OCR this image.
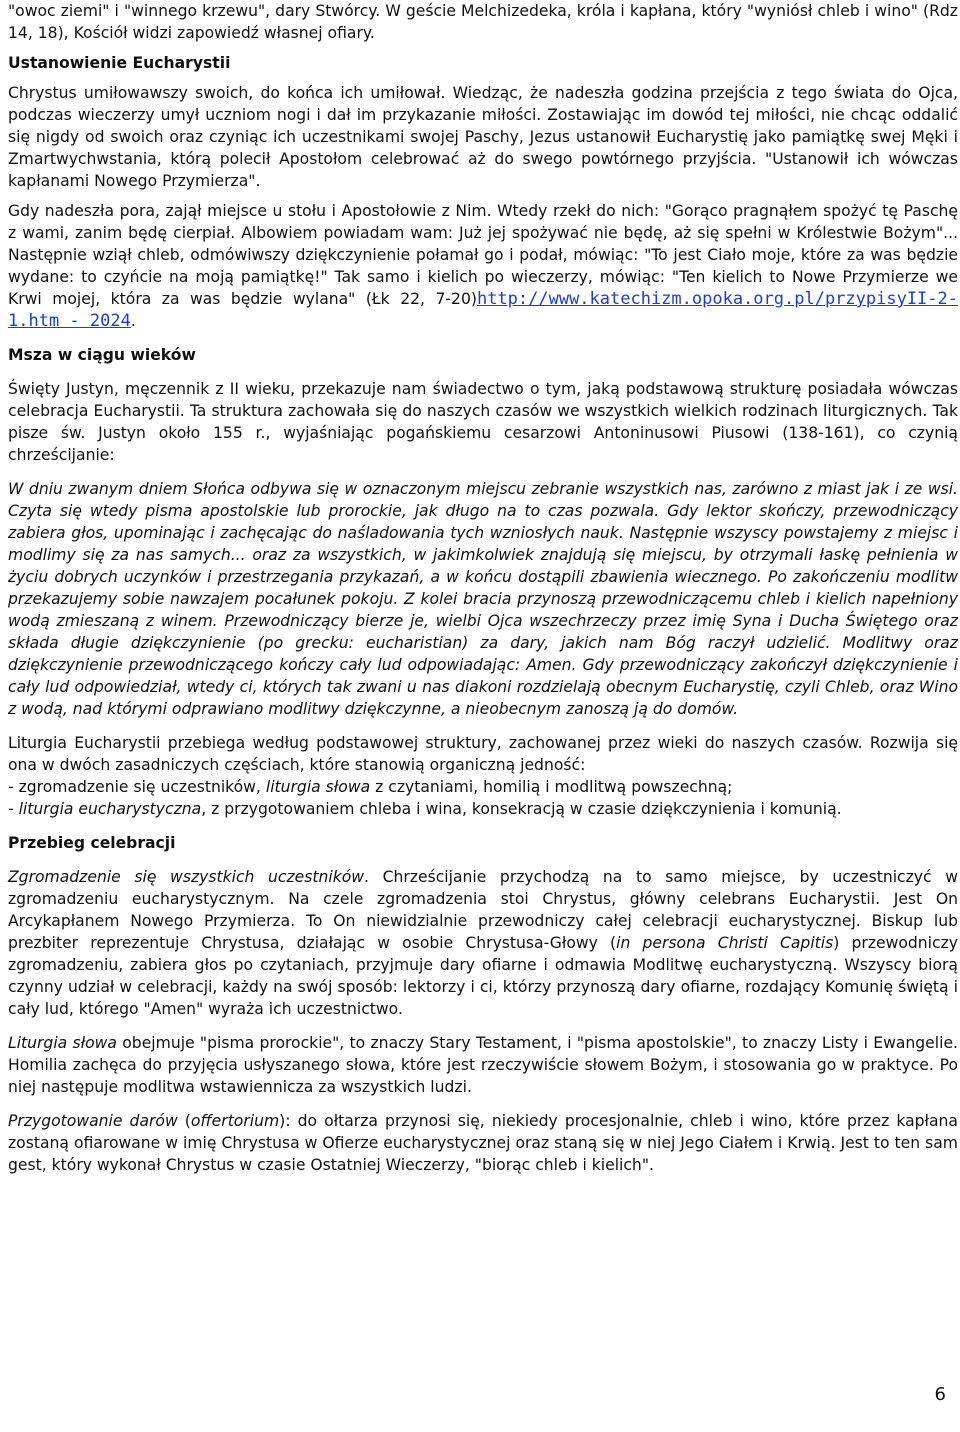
"owoc ziemi" i "winnego krzewu", dary Stwórcy. W geście Melchizedeka, króla i kapłana, który "wyniósł chleb i wino" (Rdz 14, 18), Kościół widzi zapowiedź własnej ofiary.

Ustanowienie Eucharystii

Chrystus umiłowawszy swoich, do końca ich umiłował. Wiedząc, że nadeszła godzina przejścia z tego świata do Ojca, podczas wieczerzy umył uczniom nogi i dał im przykazanie miłości. Zostawiając im dowód tej miłości, nie chcąc oddalić się nigdy od swoich oraz czyniąc ich uczestnikami swojej Paschy, Jezus ustanowił Eucharystię jako pamiątkę swej Męki i Zmartwychwstania, którą polecił Apostołom celebrować aż do swego powtórnego przyjścia. "Ustanowił ich wówczas kapłanami Nowego Przymierza".

Gdy nadeszła pora, zajął miejsce u stołu i Apostołowie z Nim. Wtedy rzekł do nich: "Gorąco pragnąłem spożyć tę Paschę z wami, zanim będę cierpiał. Albowiem powiadam wam: Już jej spożywać nie będę, aż się spełni w Królestwie Bożym"... Następnie wziął chleb, odmówiwszy dziękczynienie połamał go i podał, mówiąc: "To jest Ciało moje, które za was będzie wydane: to czyńcie na moją pamiątkę!" Tak samo i kielich po wieczerzy, mówiąc: "Ten kielich to Nowe Przymierze we Krwi mojej, która za was będzie wylana" (Łk 22, 7-20)http://www.katechizm.opoka.org.pl/przypisyII-2-1.htm - 2024.

Msza w ciągu wieków

Święty Justyn, męczennik z II wieku, przekazuje nam świadectwo o tym, jaką podstawową strukturę posiadała wówczas celebracja Eucharystii. Ta struktura zachowała się do naszych czasów we wszystkich wielkich rodzinach liturgicznych. Tak pisze św. Justyn około 155 r., wyjaśniając pogańskiemu cesarzowi Antoninusowi Piusowi (138-161), co czynią chrześcijanie:

W dniu zwanym dniem Słońca odbywa się w oznaczonym miejscu zebranie wszystkich nas, zarówno z miast jak i ze wsi. Czyta się wtedy pisma apostolskie lub prorockie, jak długo na to czas pozwala. Gdy lektor skończy, przewodniczący zabiera głos, upominając i zachęcając do naśladowania tych wzniosłych nauk. Następnie wszyscy powstajemy z miejsc i modlimy się za nas samych... oraz za wszystkich, w jakimkolwiek znajdują się miejscu, by otrzymali łaskę pełnienia w życiu dobrych uczynków i przestrzegania przykazań, a w końcu dostąpili zbawienia wiecznego. Po zakończeniu modlitw przekazujemy sobie nawzajem pocałunek pokoju. Z kolei bracia przynoszą przewodniczącemu chleb i kielich napełniony wodą zmieszaną z winem. Przewodniczący bierze je, wielbi Ojca wszechrzeczy przez imię Syna i Ducha Świętego oraz składa długie dziękczynienie (po grecku: eucharistian) za dary, jakich nam Bóg raczył udzielić. Modlitwy oraz dziękczynienie przewodniczącego kończy cały lud odpowiadając: Amen. Gdy przewodniczący zakończył dziękczynienie i cały lud odpowiedział, wtedy ci, których tak zwani u nas diakoni rozdzielają obecnym Eucharystię, czyli Chleb, oraz Wino z wodą, nad którymi odprawiano modlitwy dziękczynne, a nieobecnym zanoszą ją do domów.

Liturgia Eucharystii przebiega według podstawowej struktury, zachowanej przez wieki do naszych czasów. Rozwija się ona w dwóch zasadniczych częściach, które stanowią organiczną jedność:
- zgromadzenie się uczestników, liturgia słowa z czytaniami, homilią i modlitwą powszechną;
- liturgia eucharystyczna, z przygotowaniem chleba i wina, konsekracją w czasie dziękczynienia i komunią.

Przebieg celebracji

Zgromadzenie się wszystkich uczestników. Chrześcijanie przychodzą na to samo miejsce, by uczestniczyć w zgromadzeniu eucharystycznym. Na czele zgromadzenia stoi Chrystus, główny celebrans Eucharystii. Jest On Arcykapłanem Nowego Przymierza. To On niewidzialnie przewodniczy całej celebracji eucharystycznej. Biskup lub prezbiter reprezentuje Chrystusa, działając w osobie Chrystusa-Głowy (in persona Christi Capitis) przewodniczy zgromadzeniu, zabiera głos po czytaniach, przyjmuje dary ofiarne i odmawia Modlitwę eucharystyczną. Wszyscy biorą czynny udział w celebracji, każdy na swój sposób: lektorzy i ci, którzy przynoszą dary ofiarne, rozdający Komunię świętą i cały lud, którego "Amen" wyraża ich uczestnictwo.

Liturgia słowa obejmuje "pisma prorockie", to znaczy Stary Testament, i "pisma apostolskie", to znaczy Listy i Ewangelie. Homilia zachęca do przyjęcia usłyszanego słowa, które jest rzeczywiście słowem Bożym, i stosowania go w praktyce. Po niej następuje modlitwa wstawiennicza za wszystkich ludzi.

Przygotowanie darów (offertorium): do ołtarza przynosi się, niekiedy procesjonalnie, chleb i wino, które przez kapłana zostaną ofiarowane w imię Chrystusa w Ofierze eucharystycznej oraz staną się w niej Jego Ciałem i Krwią. Jest to ten sam gest, który wykonał Chrystus w czasie Ostatniej Wieczerzy, "biorąc chleb i kielich".

6
